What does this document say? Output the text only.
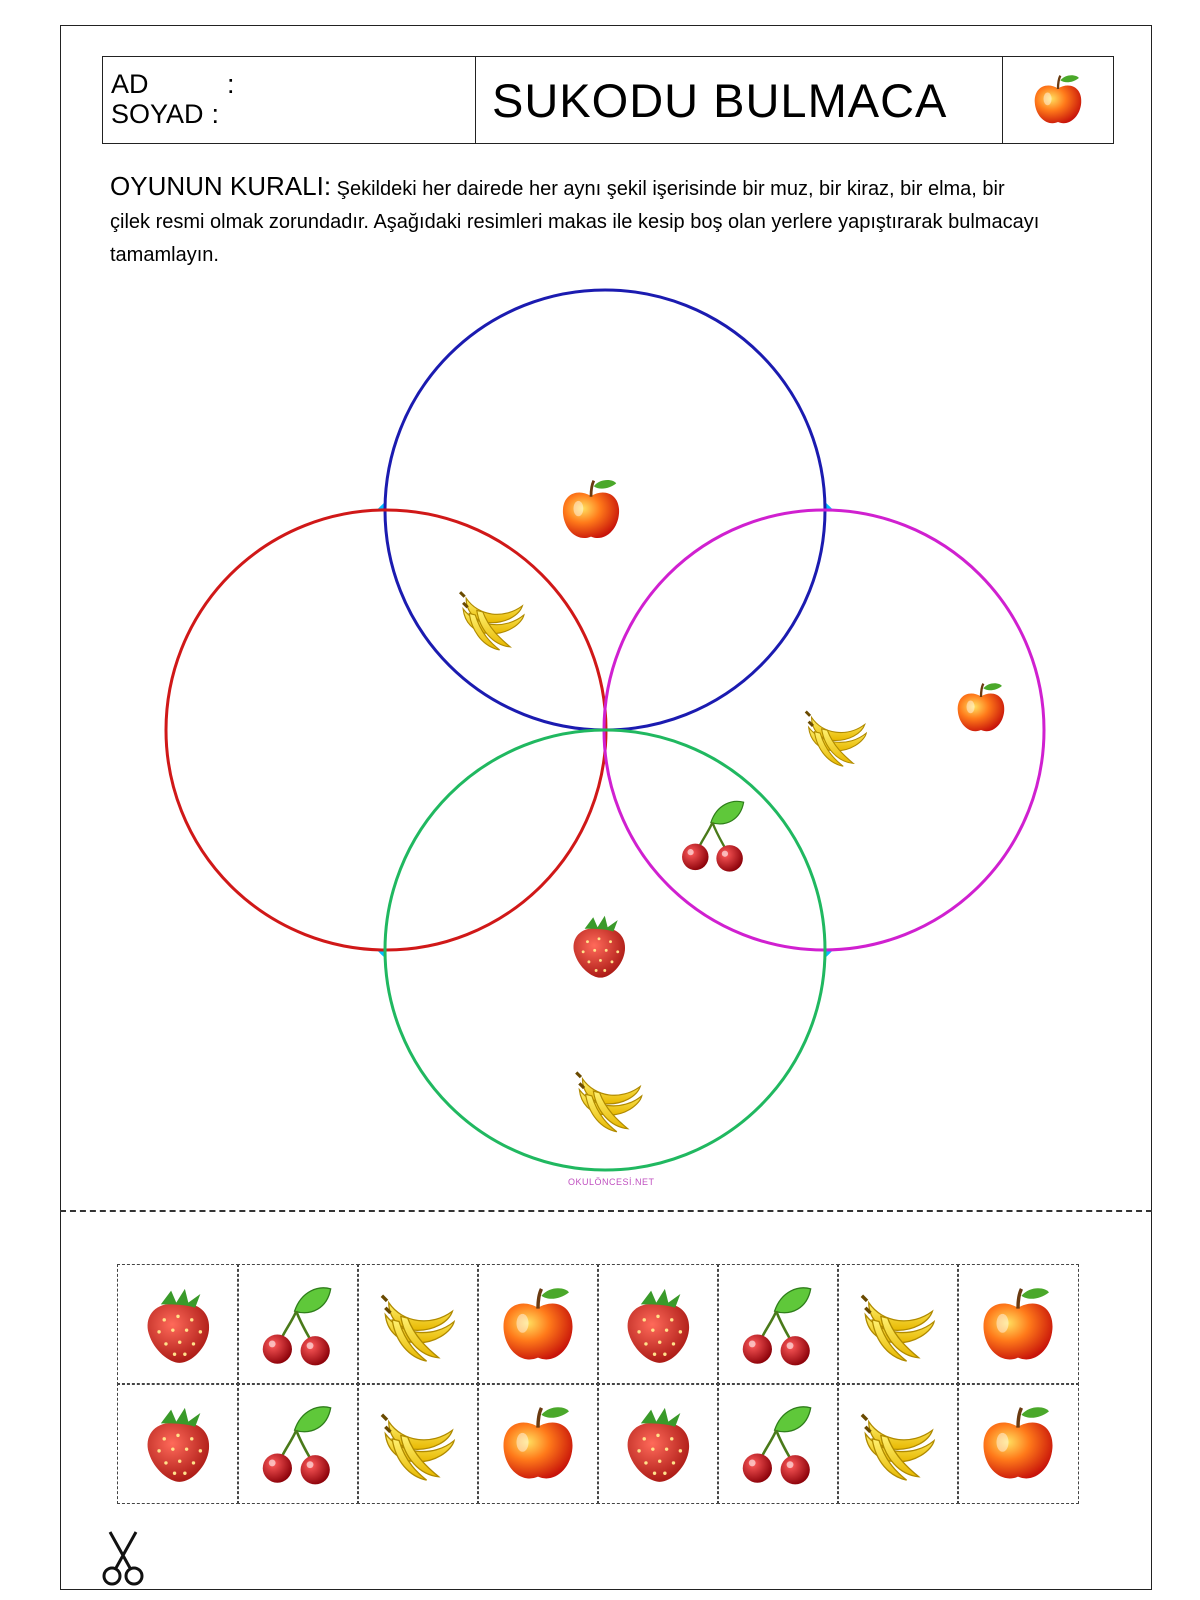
AD	:
SOYAD :	SUKODU BULMACA
OYUNUN KURALI: Şekildeki her dairede her aynı şekil işerisinde bir muz, bir kiraz, bir elma, bir çilek resmi olmak zorundadır. Aşağıdaki resimleri makas ile kesip boş olan yerlere yapıştırarak bulmacayı tamamlayın.
OKULÖNCESİ.NET
